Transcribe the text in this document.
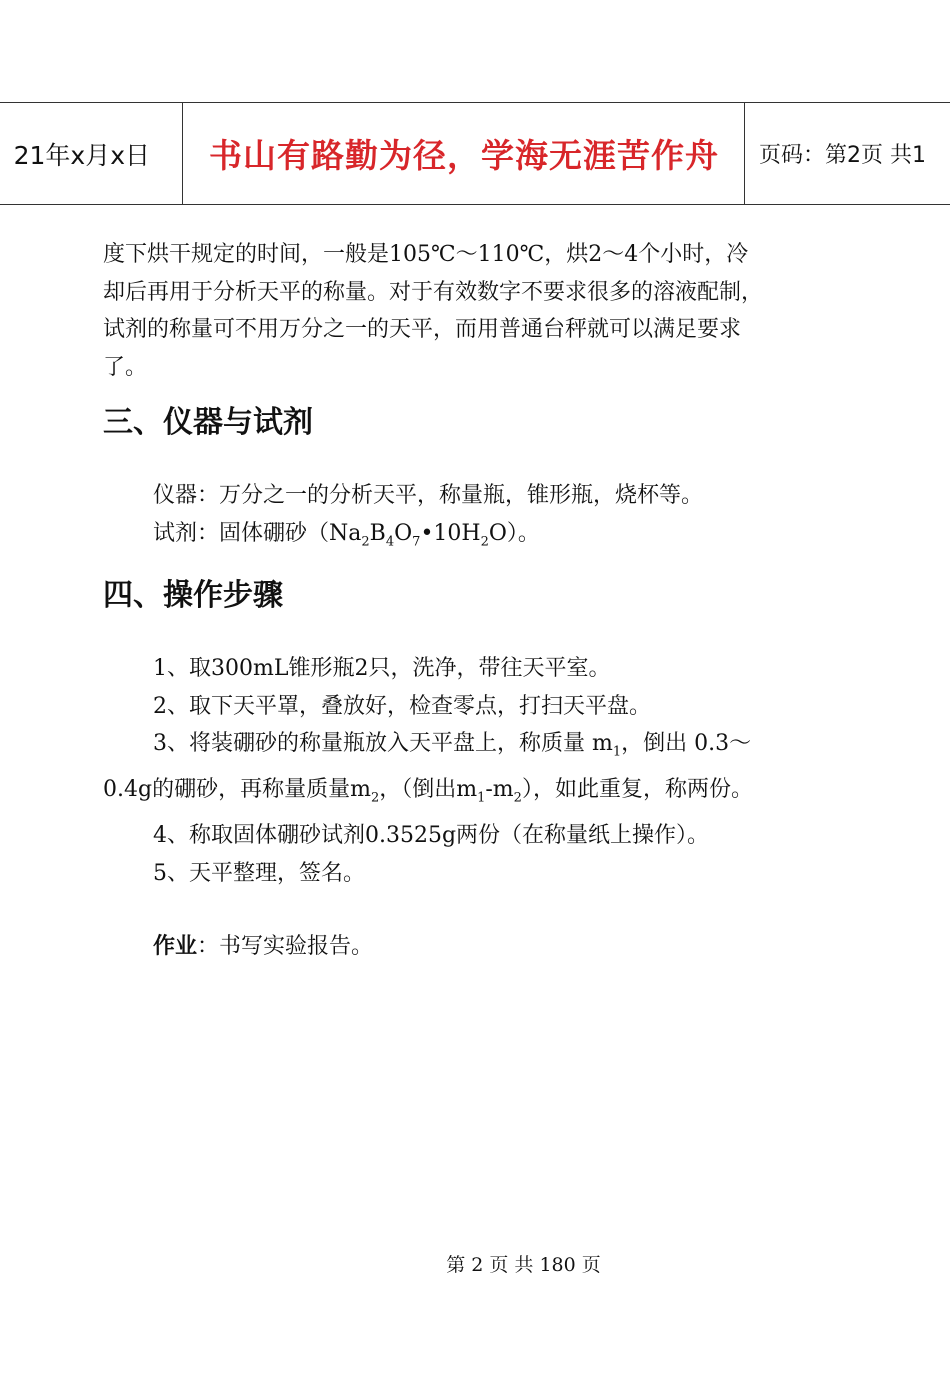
21年x月x日	书山有路勤为径，学海无涯苦作舟	页码：第2页 共1

度下烘干规定的时间，一般是105℃～110℃，烘2～4个小时，冷

却后再用于分析天平的称量。对于有效数字不要求很多的溶液配制，

试剂的称量可不用万分之一的天平，而用普通台秤就可以满足要求

了。

三、仪器与试剂

仪器：万分之一的分析天平，称量瓶，锥形瓶，烧杯等。

试剂：固体硼砂$(Na_2B_4O_7•10H_2O)$。

四、操作步骤

1、取300mL锥形瓶2只，洗净，带往天平室。

2、取下天平罩，叠放好，检查零点，打扫天平盘。

3、将装硼砂的称量瓶放入天平盘上，称质量 $m_1$，倒出 0.3～

0.4g的硼砂，再称量质量$m_2$，（倒出$m_1-m_2$），如此重复，称两份。

4、称取固体硼砂试剂0.3525g两份（在称量纸上操作）。

5、天平整理，签名。

作业：书写实验报告。

第 2 页 共 180 页
